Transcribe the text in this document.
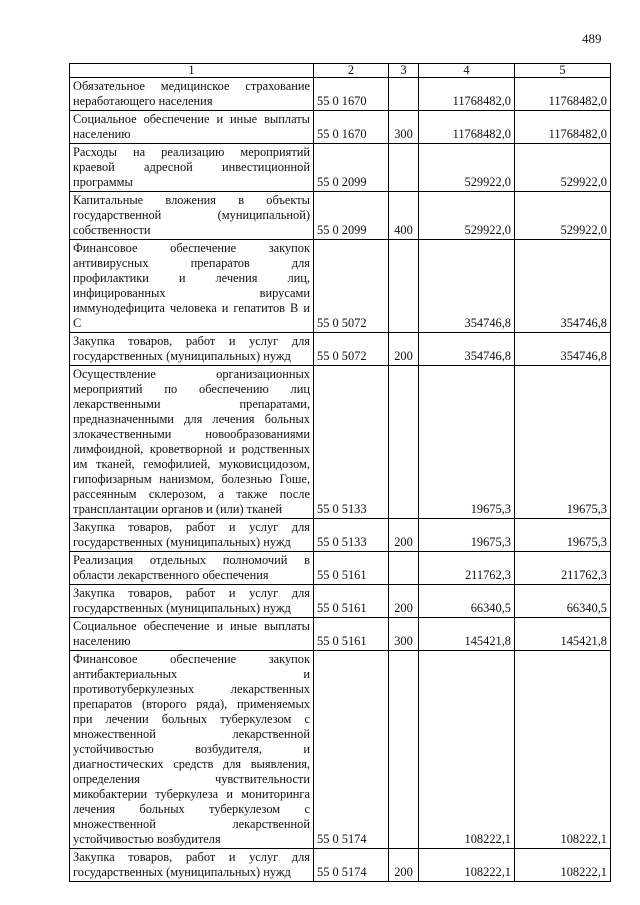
489
1	2	3	4	5
Обязательное медицинское страхование неработающего населения	55 0 1670		11768482,0	11768482,0
Социальное обеспечение и иные выплаты населению	55 0 1670	300	11768482,0	11768482,0
Расходы на реализацию мероприятий краевой адресной инвестиционной программы	55 0 2099		529922,0	529922,0
Капитальные вложения в объекты государственной (муниципальной) собственности	55 0 2099	400	529922,0	529922,0
Финансовое обеспечение закупок антивирусных препаратов для профилактики и лечения лиц, инфицированных вирусами иммунодефицита человека и гепатитов В и С	55 0 5072		354746,8	354746,8
Закупка товаров, работ и услуг для государственных (муниципальных) нужд	55 0 5072	200	354746,8	354746,8
Осуществление организационных мероприятий по обеспечению лиц лекарственными препаратами, предназначенными для лечения больных злокачественными новообразованиями лимфоидной, кроветворной и родственных им тканей, гемофилией, муковисцидозом, гипофизарным нанизмом, болезнью Гоше, рассеянным склерозом, а также после трансплантации органов и (или) тканей	55 0 5133		19675,3	19675,3
Закупка товаров, работ и услуг для государственных (муниципальных) нужд	55 0 5133	200	19675,3	19675,3
Реализация отдельных полномочий в области лекарственного обеспечения	55 0 5161		211762,3	211762,3
Закупка товаров, работ и услуг для государственных (муниципальных) нужд	55 0 5161	200	66340,5	66340,5
Социальное обеспечение и иные выплаты населению	55 0 5161	300	145421,8	145421,8
Финансовое обеспечение закупок антибактериальных и противотуберкулезных лекарственных препаратов (второго ряда), применяемых при лечении больных туберкулезом с множественной лекарственной устойчивостью возбудителя, и диагностических средств для выявления, определения чувствительности микобактерии туберкулеза и мониторинга лечения больных туберкулезом с множественной лекарственной устойчивостью возбудителя	55 0 5174		108222,1	108222,1
Закупка товаров, работ и услуг для государственных (муниципальных) нужд	55 0 5174	200	108222,1	108222,1
